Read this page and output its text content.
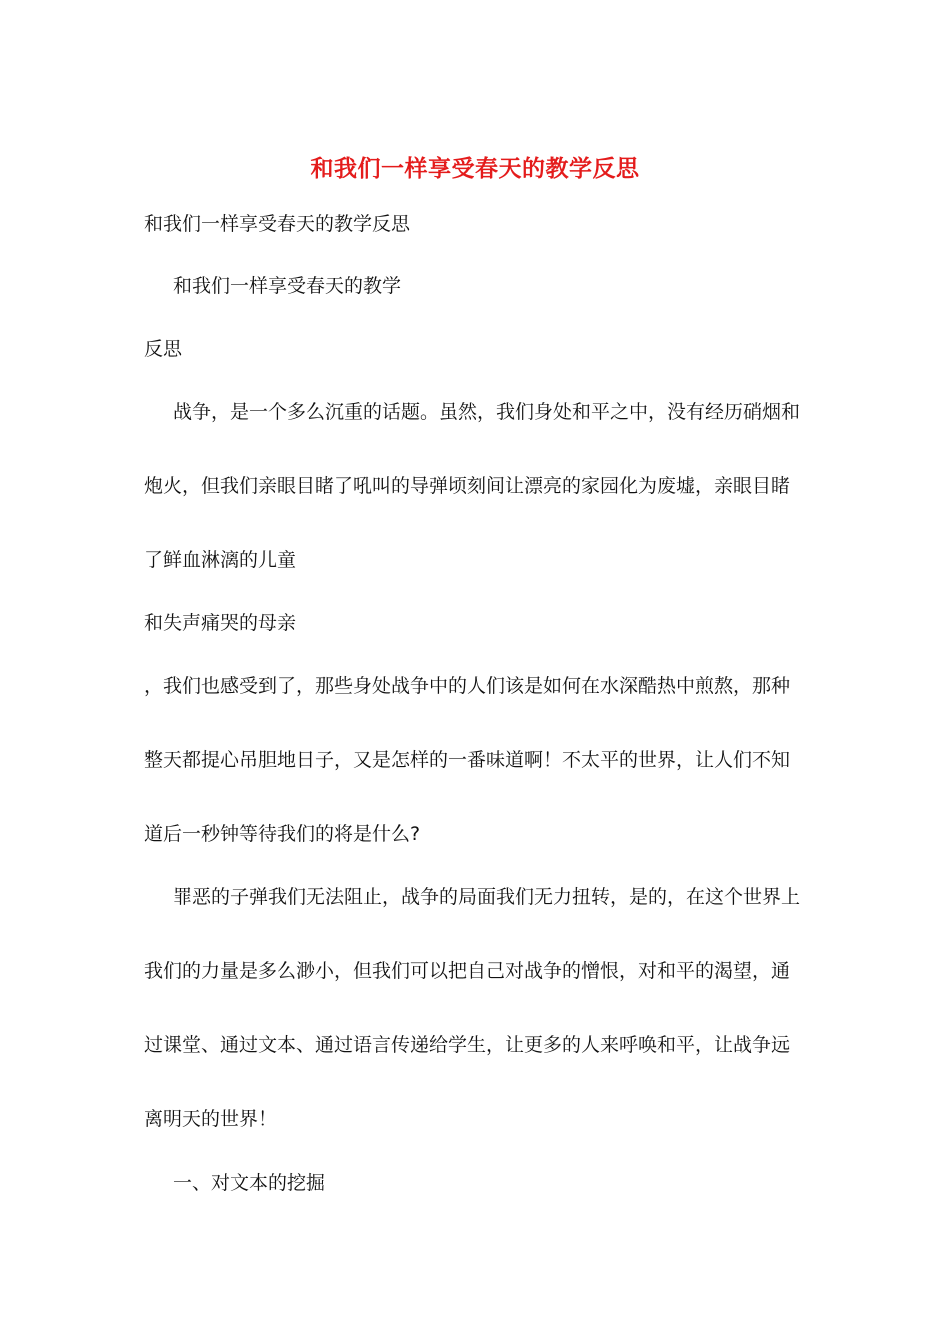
和我们一样享受春天的教学反思
和我们一样享受春天的教学反思
和我们一样享受春天的教学
反思
战争，是一个多么沉重的话题。虽然，我们身处和平之中，没有经历硝烟和
炮火，但我们亲眼目睹了吼叫的导弹顷刻间让漂亮的家园化为废墟，亲眼目睹
了鲜血淋漓的儿童
和失声痛哭的母亲
，我们也感受到了，那些身处战争中的人们该是如何在水深酷热中煎熬，那种
整天都提心吊胆地日子，又是怎样的一番味道啊！不太平的世界，让人们不知
道后一秒钟等待我们的将是什么?
罪恶的子弹我们无法阻止，战争的局面我们无力扭转，是的，在这个世界上
我们的力量是多么渺小，但我们可以把自己对战争的憎恨，对和平的渴望，通
过课堂、通过文本、通过语言传递给学生，让更多的人来呼唤和平，让战争远
离明天的世界！
一、对文本的挖掘
